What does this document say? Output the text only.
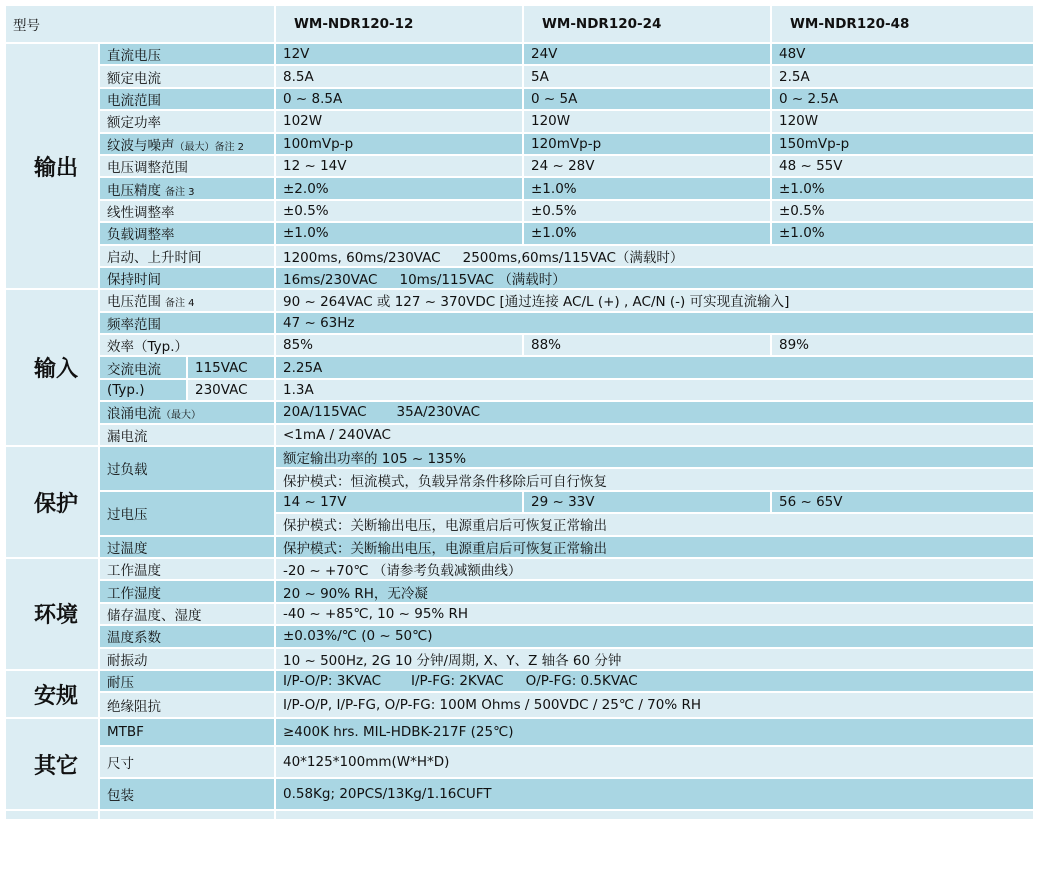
型号			WM-NDR120-12	WM-NDR120-24	WM-NDR120-48
输出	直流电压		12V	24V	48V
	额定电流		8.5A	5A	2.5A
	电流范围		0 ~ 8.5A	0 ~ 5A	0 ~ 2.5A
	额定功率		102W	120W	120W
	纹波与噪声（最大）备注 2		100mVp-p	120mVp-p	150mVp-p
	电压调整范围		12 ~ 14V	24 ~ 28V	48 ~ 55V
	电压精度 备注 3		±2.0%	±1.0%	±1.0%
	线性调整率		±0.5%	±0.5%	±0.5%
	负载调整率		±1.0%	±1.0%	±1.0%
	启动、上升时间		1200ms, 60ms/230VAC 2500ms,60ms/115VAC（满载时）		
	保持时间		16ms/230VAC 10ms/115VAC （满载时）		
输入	电压范围 备注 4		90 ~ 264VAC 或 127 ~ 370VDC [通过连接 AC/L (+) , AC/N (-) 可实现直流输入]		
	频率范围		47 ~ 63Hz		
	效率（Typ.）		85%	88%	89%
	交流电流	115VAC	2.25A		
	(Typ.)	230VAC	1.3A		
	浪涌电流（最大）		20A/115VAC 35A/230VAC		
	漏电流		<1mA / 240VAC		
保护	过负载		额定输出功率的 105 ~ 135%		
			保护模式：恒流模式，负载异常条件移除后可自行恢复		
	过电压		14 ~ 17V	29 ~ 33V	56 ~ 65V
			保护模式：关断输出电压，电源重启后可恢复正常输出		
	过温度		保护模式：关断输出电压，电源重启后可恢复正常输出		
环境	工作温度		-20 ~ +70℃ （请参考负载减额曲线）		
	工作湿度		20 ~ 90% RH，无冷凝		
	储存温度、湿度		-40 ~ +85℃, 10 ~ 95% RH		
	温度系数		±0.03%/℃ (0 ~ 50℃)		
	耐振动		10 ~ 500Hz, 2G 10 分钟/周期, X、Y、Z 轴各 60 分钟		
安规	耐压		I/P-O/P: 3KVAC I/P-FG: 2KVAC O/P-FG: 0.5KVAC		
	绝缘阻抗		I/P-O/P, I/P-FG, O/P-FG: 100M Ohms / 500VDC / 25℃ / 70% RH		
其它	MTBF		≥400K hrs. MIL-HDBK-217F (25℃)		
	尺寸		40*125*100mm(W*H*D)		
	包装		0.58Kg; 20PCS/13Kg/1.16CUFT		
